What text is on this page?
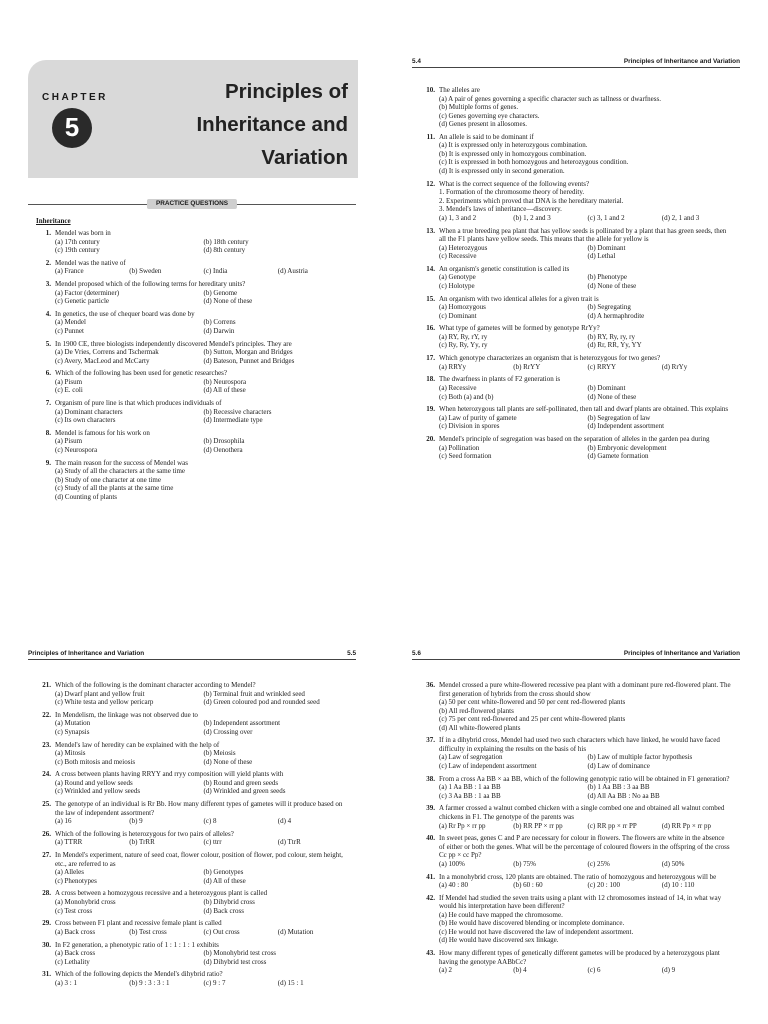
CHAPTER
5
Principles of
Inheritance and
Variation
PRACTICE QUESTIONS
Inheritance
1. Mendel was born in
(a) 17th century	(b) 18th century
(c) 19th century	(d) 8th century
2. Mendel was the native of
(a) France	(b) Sweden	(c) India	(d) Austria
3. Mendel proposed which of the following terms for hereditary units?
(a) Factor (determiner)	(b) Genome
(c) Genetic particle	(d) None of these
4. In genetics, the use of chequer board was done by
(a) Mendel	(b) Correns
(c) Punnet	(d) Darwin
5. In 1900 CE, three biologists independently discovered Mendel's principles. They are
(a) De Vries, Correns and Tschermak	(b) Sutton, Morgan and Bridges
(c) Avery, MacLeod and McCarty	(d) Bateson, Punnet and Bridges
6. Which of the following has been used for genetic researches?
(a) Pisum	(b) Neurospora
(c) E. coli	(d) All of these
7. Organism of pure line is that which produces individuals of
(a) Dominant characters	(b) Recessive characters
(c) Its own characters	(d) Intermediate type
8. Mendel is famous for his work on
(a) Pisum	(b) Drosophila
(c) Neurospora	(d) Oenothera
9. The main reason for the success of Mendel was
(a) Study of all the characters at the same time
(b) Study of one character at one time
(c) Study of all the plants at the same time
(d) Counting of plants
5.4	Principles of Inheritance and Variation
10. The alleles are
(a) A pair of genes governing a specific character such as tallness or dwarfness.
(b) Multiple forms of genes.
(c) Genes governing eye characters.
(d) Genes present in allosomes.
11. An allele is said to be dominant if
(a) It is expressed only in heterozygous combination.
(b) It is expressed only in homozygous combination.
(c) It is expressed in both homozygous and heterozygous condition.
(d) It is expressed only in second generation.
12. What is the correct sequence of the following events?
1. Formation of the chromosome theory of heredity.
2. Experiments which proved that DNA is the hereditary material.
3. Mendel's laws of inheritance—discovery.
(a) 1, 3 and 2	(b) 1, 2 and 3	(c) 3, 1 and 2	(d) 2, 1 and 3
13. When a true breeding pea plant that has yellow seeds is pollinated by a plant that has green seeds, then all the F1 plants have yellow seeds. This means that the allele for yellow is
(a) Heterozygous	(b) Dominant
(c) Recessive	(d) Lethal
14. An organism's genetic constitution is called its
(a) Genotype	(b) Phenotype
(c) Holotype	(d) None of these
15. An organism with two identical alleles for a given trait is
(a) Homozygous	(b) Segregating
(c) Dominant	(d) A hermaphrodite
16. What type of gametes will be formed by genotype RrYy?
(a) RY, Ry, rY, ry	(b) RY, Ry, ry, ry
(c) Ry, Ry, Yy, ry	(d) Rr, RR, Yy, YY
17. Which genotype characterizes an organism that is heterozygous for two genes?
(a) RRYy	(b) RrYY	(c) RRYY	(d) RrYy
18. The dwarfness in plants of F2 generation is
(a) Recessive	(b) Dominant
(c) Both (a) and (b)	(d) None of these
19. When heterozygous tall plants are self-pollinated, then tall and dwarf plants are obtained. This explains
(a) Law of purity of gamete	(b) Segregation of law
(c) Division in spores	(d) Independent assortment
20. Mendel's principle of segregation was based on the separation of alleles in the garden pea during
(a) Pollination	(b) Embryonic development
(c) Seed formation	(d) Gamete formation
Principles of Inheritance and Variation	5.5
21. Which of the following is the dominant character according to Mendel?
(a) Dwarf plant and yellow fruit	(b) Terminal fruit and wrinkled seed
(c) White testa and yellow pericarp	(d) Green coloured pod and rounded seed
22. In Mendelism, the linkage was not observed due to
(a) Mutation	(b) Independent assortment
(c) Synapsis	(d) Crossing over
23. Mendel's law of heredity can be explained with the help of
(a) Mitosis	(b) Meiosis
(c) Both mitosis and meiosis	(d) None of these
24. A cross between plants having RRYY and rryy composition will yield plants with
(a) Round and yellow seeds	(b) Round and green seeds
(c) Wrinkled and yellow seeds	(d) Wrinkled and green seeds
25. The genotype of an individual is Rr Bb. How many different types of gametes will it produce based on the law of independent assortment?
(a) 16	(b) 9	(c) 8	(d) 4
26. Which of the following is heterozygous for two pairs of alleles?
(a) TTRR	(b) TrRR	(c) ttrr	(d) TtrR
27. In Mendel's experiment, nature of seed coat, flower colour, position of flower, pod colour, stem height, etc., are referred to as
(a) Alleles	(b) Genotypes
(c) Phenotypes	(d) All of these
28. A cross between a homozygous recessive and a heterozygous plant is called
(a) Monohybrid cross	(b) Dihybrid cross
(c) Test cross	(d) Back cross
29. Cross between F1 plant and recessive female plant is called
(a) Back cross	(b) Test cross	(c) Out cross	(d) Mutation
30. In F2 generation, a phenotypic ratio of 1 : 1 : 1 : 1 exhibits
(a) Back cross	(b) Monohybrid test cross
(c) Lethality	(d) Dihybrid test cross
31. Which of the following depicts the Mendel's dihybrid ratio?
(a) 3 : 1	(b) 9 : 3 : 3 : 1	(c) 9 : 7	(d) 15 : 1
5.6	Principles of Inheritance and Variation
36. Mendel crossed a pure white-flowered recessive pea plant with a dominant pure red-flowered plant. The first generation of hybrids from the cross should show
(a) 50 per cent white-flowered and 50 per cent red-flowered plants
(b) All red-flowered plants
(c) 75 per cent red-flowered and 25 per cent white-flowered plants
(d) All white-flowered plants
37. If in a dihybrid cross, Mendel had used two such characters which have linked, he would have faced difficulty in explaining the results on the basis of his
(a) Law of segregation	(b) Law of multiple factor hypothesis
(c) Law of independent assortment	(d) Law of dominance
38. From a cross Aa BB × aa BB, which of the following genotypic ratio will be obtained in F1 generation?
(a) 1 Aa BB : 1 aa BB	(b) 1 Aa BB : 3 aa BB
(c) 3 Aa BB : 1 aa BB	(d) All Aa BB : No aa BB
39. A farmer crossed a walnut combed chicken with a single combed one and obtained all walnut combed chickens in F1. The genotype of the parents was
(a) Rr Pp × rr pp	(b) RR PP × rr pp	(c) RR pp × rr PP	(d) RR Pp × rr pp
40. In sweet peas, genes C and P are necessary for colour in flowers. The flowers are white in the absence of either or both the genes. What will be the percentage of coloured flowers in the offspring of the cross Cc pp × cc Pp?
(a) 100%	(b) 75%	(c) 25%	(d) 50%
41. In a monohybrid cross, 120 plants are obtained. The ratio of homozygous and heterozygous will be
(a) 40 : 80	(b) 60 : 60	(c) 20 : 100	(d) 10 : 110
42. If Mendel had studied the seven traits using a plant with 12 chromosomes instead of 14, in what way would his interpretation have been different?
(a) He could have mapped the chromosome.
(b) He would have discovered blending or incomplete dominance.
(c) He would not have discovered the law of independent assortment.
(d) He would have discovered sex linkage.
43. How many different types of genetically different gametes will be produced by a heterozygous plant having the genotype AABbCc?
(a) 2	(b) 4	(c) 6	(d) 9
